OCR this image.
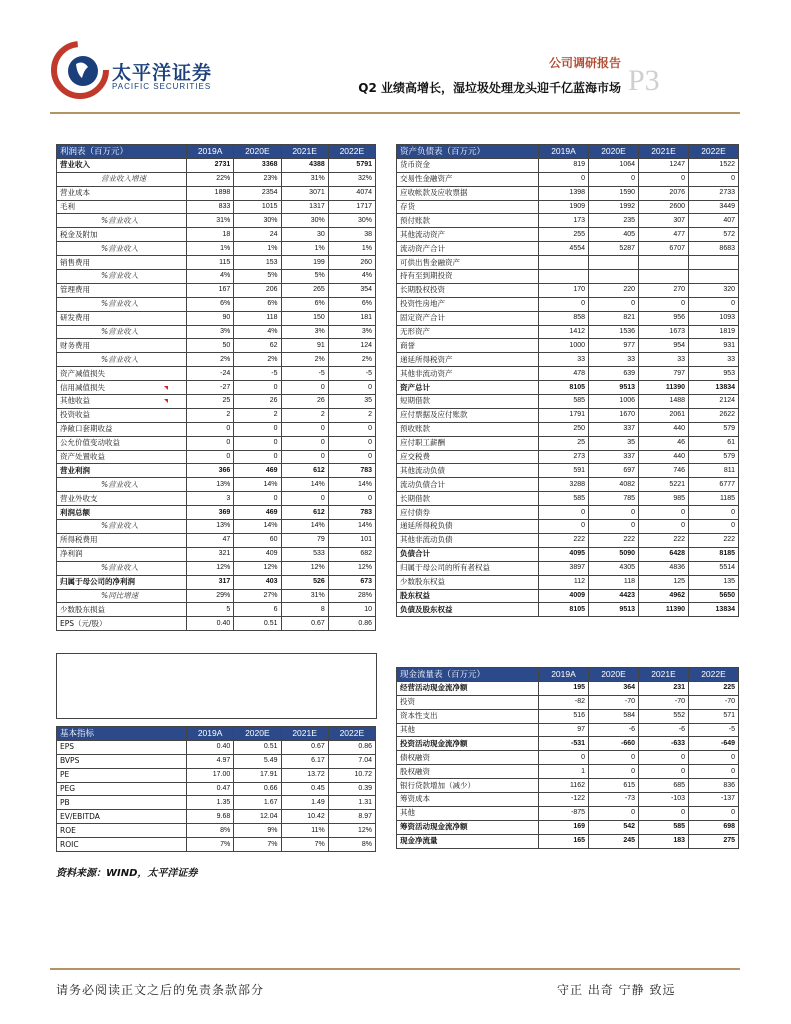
太平洋证券
PACIFIC SECURITIES
公司调研报告
P3
Q2 业绩高增长，湿垃圾处理龙头迎千亿蓝海市场
利润表（百万元）	2019A	2020E	2021E	2022E
营业收入	2731	3368	4388	5791
营业收入增速	22%	23%	31%	32%
营业成本	1898	2354	3071	4074
毛利	833	1015	1317	1717
%营业收入	31%	30%	30%	30%
税金及附加	18	24	30	38
%营业收入	1%	1%	1%	1%
销售费用	115	153	199	260
%营业收入	4%	5%	5%	4%
管理费用	167	206	265	354
%营业收入	6%	6%	6%	6%
研发费用	90	118	150	181
%营业收入	3%	4%	3%	3%
财务费用	50	62	91	124
%营业收入	2%	2%	2%	2%
资产减值损失	-24	-5	-5	-5
信用减值损失	-27	0	0	0
其他收益	25	26	26	35
投资收益	2	2	2	2
净敞口套期收益	0	0	0	0
公允价值变动收益	0	0	0	0
资产处置收益	0	0	0	0
营业利润	366	469	612	783
%营业收入	13%	14%	14%	14%
营业外收支	3	0	0	0
利润总额	369	469	612	783
%营业收入	13%	14%	14%	14%
所得税费用	47	60	79	101
净利润	321	409	533	682
%营业收入	12%	12%	12%	12%
归属于母公司的净利润	317	403	526	673
%同比增速	29%	27%	31%	28%
少数股东损益	5	6	8	10
EPS（元/股）	0.40	0.51	0.67	0.86
资产负债表（百万元）	2019A	2020E	2021E	2022E
货币资金	819	1064	1247	1522
交易性金融资产	0	0	0	0
应收帐款及应收票据	1398	1590	2076	2733
存货	1909	1992	2600	3449
预付账款	173	235	307	407
其他流动资产	255	405	477	572
流动资产合计	4554	5287	6707	8683
可供出售金融资产				
持有至到期投资				
长期股权投资	170	220	270	320
投资性房地产	0	0	0	0
固定资产合计	858	821	956	1093
无形资产	1412	1536	1673	1819
商誉	1000	977	954	931
递延所得税资产	33	33	33	33
其他非流动资产	478	639	797	953
资产总计	8105	9513	11390	13834
短期借款	585	1006	1488	2124
应付票据及应付账款	1791	1670	2061	2622
预收账款	250	337	440	579
应付职工薪酬	25	35	46	61
应交税费	273	337	440	579
其他流动负债	591	697	746	811
流动负债合计	3288	4082	5221	6777
长期借款	585	785	985	1185
应付债券	0	0	0	0
递延所得税负债	0	0	0	0
其他非流动负债	222	222	222	222
负债合计	4095	5090	6428	8185
归属于母公司的所有者权益	3897	4305	4836	5514
少数股东权益	112	118	125	135
股东权益	4009	4423	4962	5650
负债及股东权益	8105	9513	11390	13834
现金流量表（百万元）	2019A	2020E	2021E	2022E
经营活动现金流净额	195	364	231	225
投资	-82	-70	-70	-70
资本性支出	516	584	552	571
其他	97	-6	-6	-5
投资活动现金流净额	-531	-660	-633	-649
债权融资	0	0	0	0
股权融资	1	0	0	0
银行贷款增加（减少）	1162	615	685	836
筹资成本	-122	-73	-103	-137
其他	-875	0	0	0
筹资活动现金流净额	169	542	585	698
现金净流量	165	245	183	275
基本指标	2019A	2020E	2021E	2022E
EPS	0.40	0.51	0.67	0.86
BVPS	4.97	5.49	6.17	7.04
PE	17.00	17.91	13.72	10.72
PEG	0.47	0.66	0.45	0.39
PB	1.35	1.67	1.49	1.31
EV/EBITDA	9.68	12.04	10.42	8.97
ROE	8%	9%	11%	12%
ROIC	7%	7%	7%	8%
资料来源：WIND，太平洋证券
请务必阅读正文之后的免责条款部分	守正 出奇 宁静 致远
